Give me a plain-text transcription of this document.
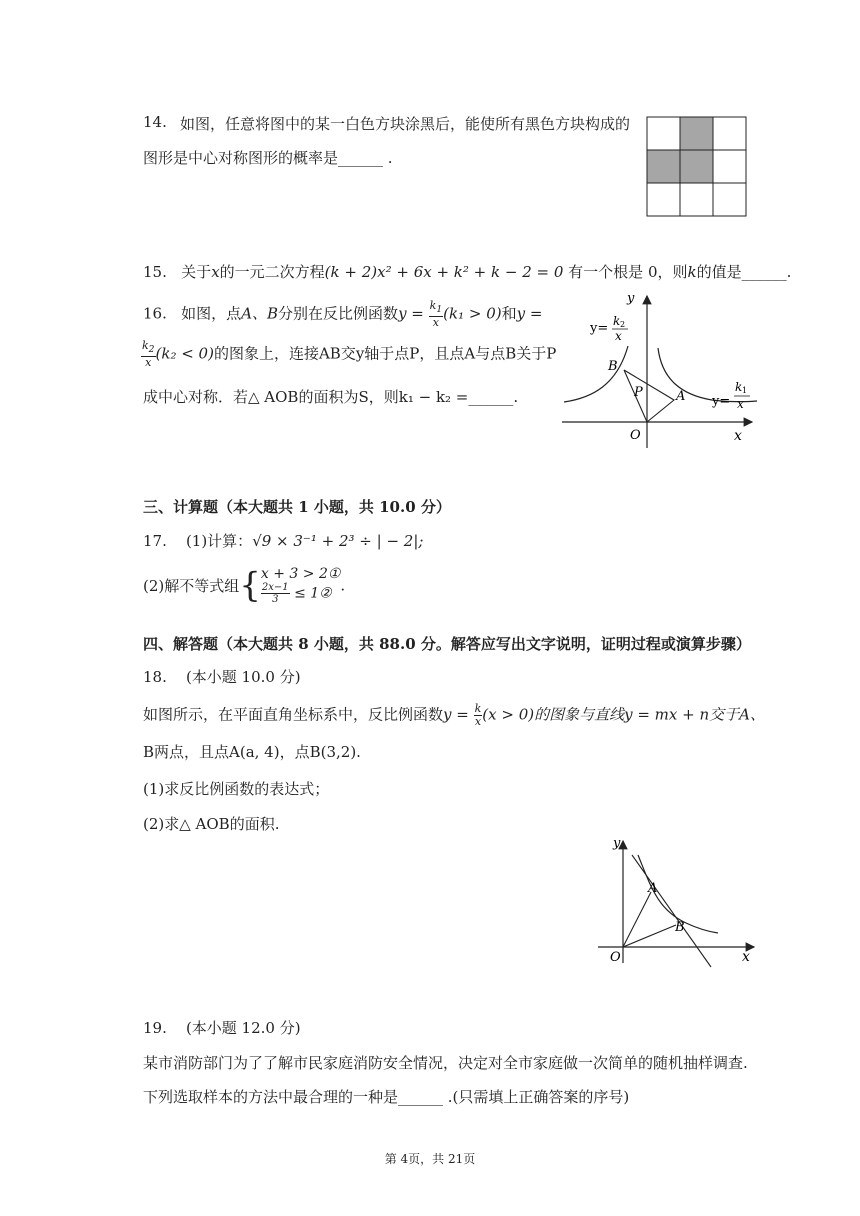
14. 如图，任意将图中的某一白色方块涂黑后，能使所有黑色方块构成的
图形是中心对称图形的概率是______ .
15. 关于x的一元二次方程(k + 2)x² + 6x + k² + k − 2 = 0 有一个根是 0，则k的值是______.
16. 如图，点A、B分别在反比例函数$y = \frac{k_1}{x} (k_1 > 0)$和y =
$\frac{k_2}{x} (k_2 < 0)$的图象上，连接AB交y轴于点P，且点A与点B关于P
成中心对称．若△ AOB的面积为S，则k₁ − k₂ =______.
y
x
O
B
A
P
y= k 2
x
y=
k 1
x
三、计算题（本大题共 1 小题，共 10.0 分）
17. (1)计算：√9 × 3⁻¹ + 2³ ÷ | − 2|;
(2)解不等式组{x + 3 > 2①

$\frac{2x-1}{3}$ ≤ 1② .
四、解答题（本大题共 8 小题，共 88.0 分。解答应写出文字说明，证明过程或演算步骤）
18. (本小题 10.0 分)
如图所示，在平面直角坐标系中，反比例函数$y = \frac{k}{x} (x > 0)$的图象与直线y = mx + n交于A、
B两点，且点A(a, 4)，点B(3,2).
(1)求反比例函数的表达式；
(2)求△ AOB的面积.
y
x
O
A
B
19. (本小题 12.0 分)
某市消防部门为了了解市民家庭消防安全情况，决定对全市家庭做一次简单的随机抽样调查.
下列选取样本的方法中最合理的一种是______ .(只需填上正确答案的序号)
第 4页，共 21页
